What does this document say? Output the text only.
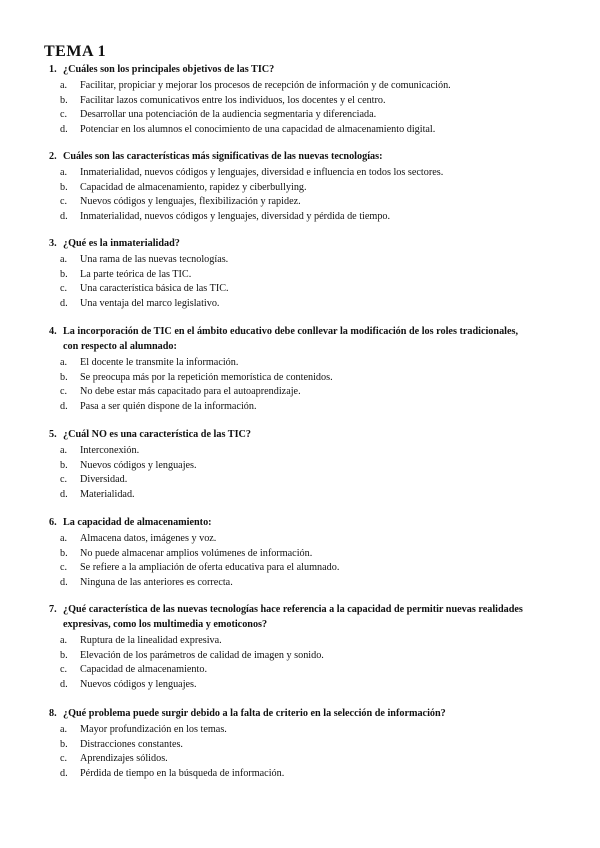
TEMA 1
1. ¿Cuáles son los principales objetivos de las TIC?
a. Facilitar, propiciar y mejorar los procesos de recepción de información y de comunicación.
b. Facilitar lazos comunicativos entre los individuos, los docentes y el centro.
c. Desarrollar una potenciación de la audiencia segmentaria y diferenciada.
d. Potenciar en los alumnos el conocimiento de una capacidad de almacenamiento digital.
2. Cuáles son las características más significativas de las nuevas tecnologías:
a. Inmaterialidad, nuevos códigos y lenguajes, diversidad e influencia en todos los sectores.
b. Capacidad de almacenamiento, rapidez y ciberbullying.
c. Nuevos códigos y lenguajes, flexibilización y rapidez.
d. Inmaterialidad, nuevos códigos y lenguajes, diversidad y pérdida de tiempo.
3. ¿Qué es la inmaterialidad?
a. Una rama de las nuevas tecnologías.
b. La parte teórica de las TIC.
c. Una característica básica de las TIC.
d. Una ventaja del marco legislativo.
4. La incorporación de TIC en el ámbito educativo debe conllevar la modificación de los roles tradicionales, con respecto al alumnado:
a. El docente le transmite la información.
b. Se preocupa más por la repetición memorística de contenidos.
c. No debe estar más capacitado para el autoaprendizaje.
d. Pasa a ser quién dispone de la información.
5. ¿Cuál NO es una característica de las TIC?
a. Interconexión.
b. Nuevos códigos y lenguajes.
c. Diversidad.
d. Materialidad.
6. La capacidad de almacenamiento:
a. Almacena datos, imágenes y voz.
b. No puede almacenar amplios volúmenes de información.
c. Se refiere a la ampliación de oferta educativa para el alumnado.
d. Ninguna de las anteriores es correcta.
7. ¿Qué característica de las nuevas tecnologías hace referencia a la capacidad de permitir nuevas realidades expresivas, como los multimedia y emoticonos?
a. Ruptura de la linealidad expresiva.
b. Elevación de los parámetros de calidad de imagen y sonido.
c. Capacidad de almacenamiento.
d. Nuevos códigos y lenguajes.
8. ¿Qué problema puede surgir debido a la falta de criterio en la selección de información?
a. Mayor profundización en los temas.
b. Distracciones constantes.
c. Aprendizajes sólidos.
d. Pérdida de tiempo en la búsqueda de información.
